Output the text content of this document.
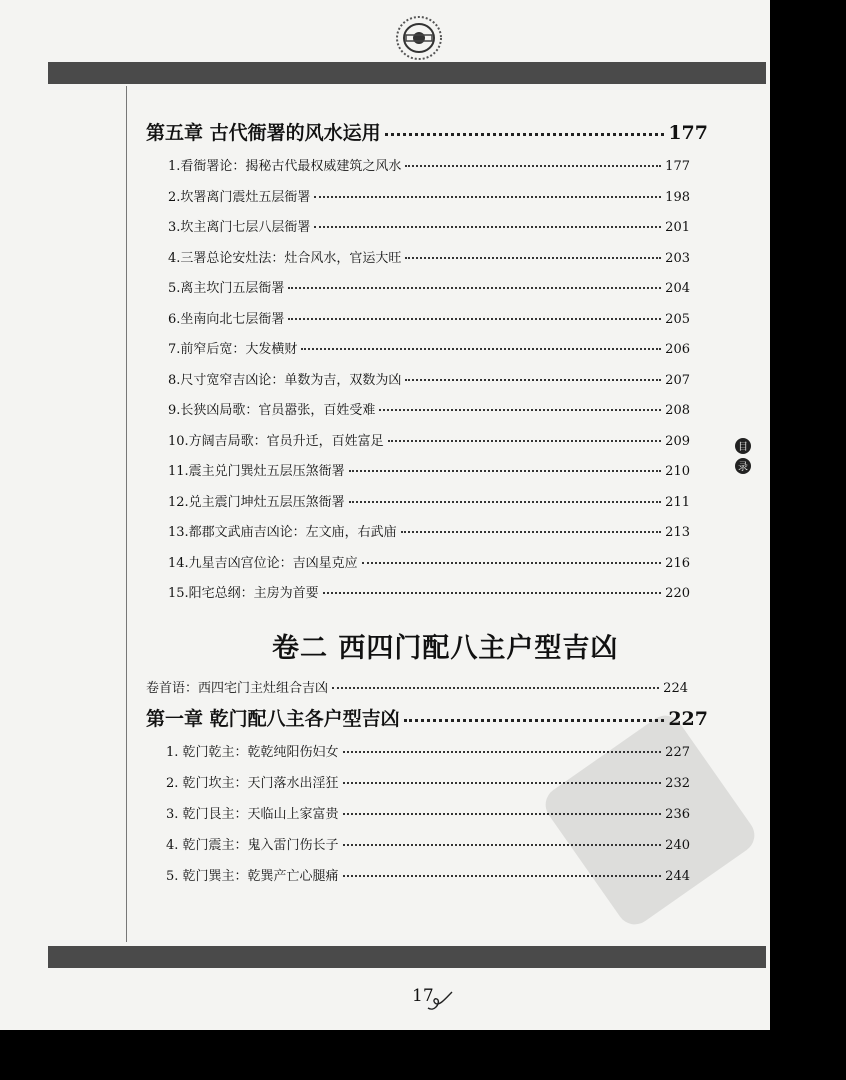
第五章 古代衙署的风水运用	177
1.看衙署论：揭秘古代最权威建筑之风水	177
2.坎署离门震灶五层衙署	198
3.坎主离门七层八层衙署	201
4.三署总论安灶法：灶合风水，官运大旺	203
5.离主坎门五层衙署	204
6.坐南向北七层衙署	205
7.前窄后宽：大发横财	206
8.尺寸宽窄吉凶论：单数为吉，双数为凶	207
9.长狭凶局歌：官员嚣张，百姓受难	208
10.方阔吉局歌：官员升迁，百姓富足	209
11.震主兑门巽灶五层压煞衙署	210
12.兑主震门坤灶五层压煞衙署	211
13.都郡文武庙吉凶论：左文庙，右武庙	213
14.九星吉凶宫位论：吉凶星克应	216
15.阳宅总纲：主房为首要	220
卷首语：西四宅门主灶组合吉凶	224
第一章 乾门配八主各户型吉凶	227
1. 乾门乾主：乾乾纯阳伤妇女	227
2. 乾门坎主：天门落水出淫狂	232
3. 乾门艮主：天临山上家富贵	236
4. 乾门震主：鬼入雷门伤长子	240
5. 乾门巽主：乾巽产亡心腿痛	244
卷二 西四门配八主户型吉凶
17
目
录
